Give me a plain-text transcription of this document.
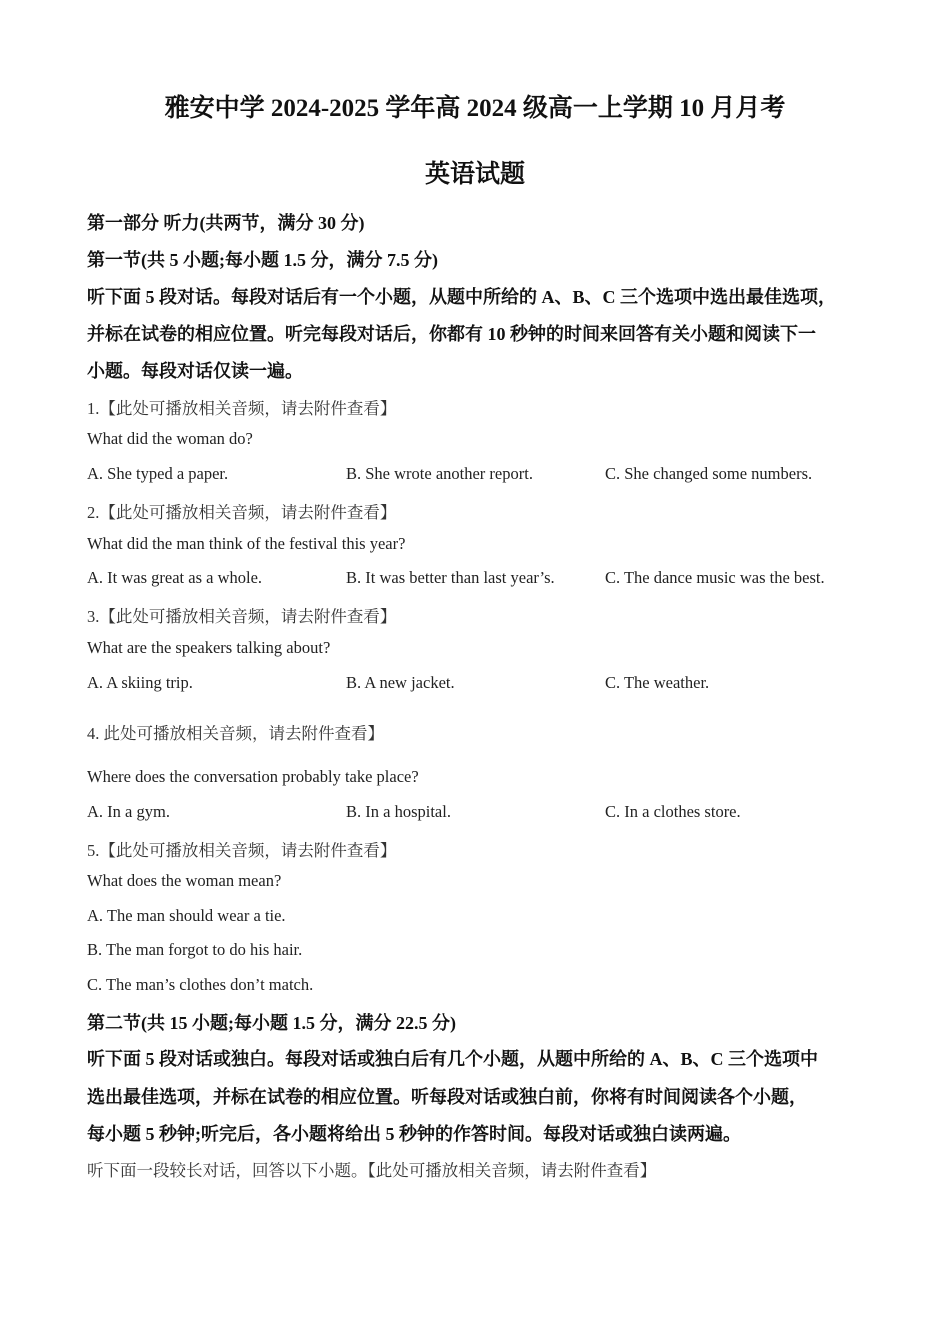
雅安中学 2024-2025 学年高 2024 级高一上学期 10 月月考
英语试题
第一部分 听力(共两节，满分 30 分)
第一节(共 5 小题;每小题 1.5 分，满分 7.5 分)
听下面 5 段对话。每段对话后有一个小题，从题中所给的 A、B、C 三个选项中选出最佳选项，
并标在试卷的相应位置。听完每段对话后，你都有 10 秒钟的时间来回答有关小题和阅读下一
小题。每段对话仅读一遍。
1.【此处可播放相关音频，请去附件查看】
What did the woman do?
A. She typed a paper.	B. She wrote another report.	C. She changed some numbers.
2.【此处可播放相关音频，请去附件查看】
What did the man think of the festival this year?
A. It was great as a whole.	B. It was better than last year’s.	C. The dance music was the best.
3.【此处可播放相关音频，请去附件查看】
What are the speakers talking about?
A. A skiing trip.	B. A new jacket.	C. The weather.
4. 此处可播放相关音频，请去附件查看】
Where does the conversation probably take place?
A. In a gym.	B. In a hospital.	C. In a clothes store.
5.【此处可播放相关音频，请去附件查看】
What does the woman mean?
A. The man should wear a tie.
B. The man forgot to do his hair.
C. The man’s clothes don’t match.
第二节(共 15 小题;每小题 1.5 分，满分 22.5 分)
听下面 5 段对话或独白。每段对话或独白后有几个小题，从题中所给的 A、B、C 三个选项中
选出最佳选项，并标在试卷的相应位置。听每段对话或独白前，你将有时间阅读各个小题，
每小题 5 秒钟;听完后，各小题将给出 5 秒钟的作答时间。每段对话或独白读两遍。
听下面一段较长对话，回答以下小题。【此处可播放相关音频，请去附件查看】
